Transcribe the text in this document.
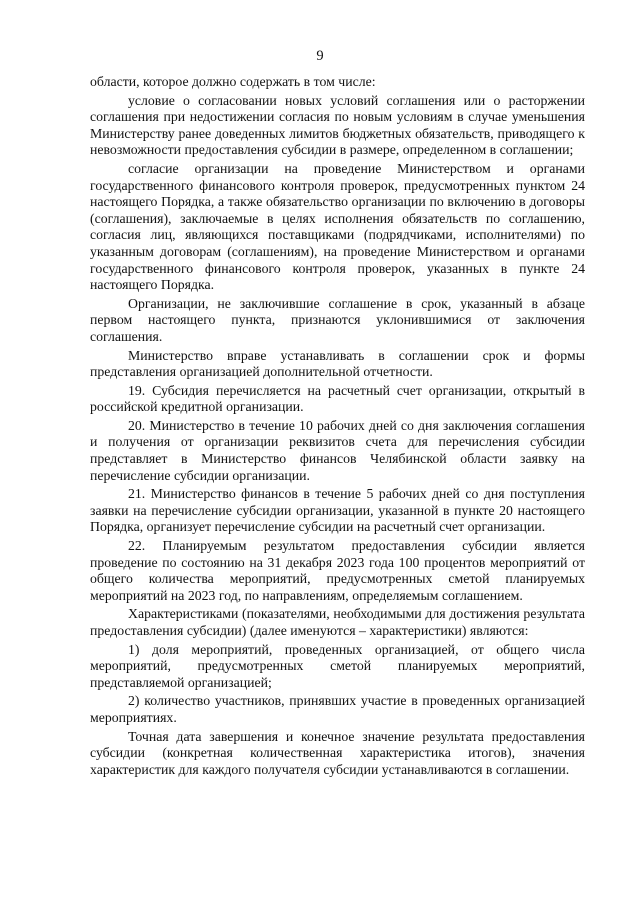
9

области, которое должно содержать в том числе:

условие о согласовании новых условий соглашения или о расторжении соглашения при недостижении согласия по новым условиям в случае уменьшения Министерству ранее доведенных лимитов бюджетных обязательств, приводящего к невозможности предоставления субсидии в размере, определенном в соглашении;

согласие организации на проведение Министерством и органами государственного финансового контроля проверок, предусмотренных пунктом 24 настоящего Порядка, а также обязательство организации по включению в договоры (соглашения), заключаемые в целях исполнения обязательств по соглашению, согласия лиц, являющихся поставщиками (подрядчиками, исполнителями) по указанным договорам (соглашениям), на проведение Министерством и органами государственного финансового контроля проверок, указанных в пункте 24 настоящего Порядка.

Организации, не заключившие соглашение в срок, указанный в абзаце первом настоящего пункта, признаются уклонившимися от заключения соглашения.

Министерство вправе устанавливать в соглашении срок и формы представления организацией дополнительной отчетности.

19. Субсидия перечисляется на расчетный счет организации, открытый в российской кредитной организации.

20. Министерство в течение 10 рабочих дней со дня заключения соглашения и получения от организации реквизитов счета для перечисления субсидии представляет в Министерство финансов Челябинской области заявку на перечисление субсидии организации.

21. Министерство финансов в течение 5 рабочих дней со дня поступления заявки на перечисление субсидии организации, указанной в пункте 20 настоящего Порядка, организует перечисление субсидии на расчетный счет организации.

22. Планируемым результатом предоставления субсидии является проведение по состоянию на 31 декабря 2023 года 100 процентов мероприятий от общего количества мероприятий, предусмотренных сметой планируемых мероприятий на 2023 год, по направлениям, определяемым соглашением.

Характеристиками (показателями, необходимыми для достижения результата предоставления субсидии) (далее именуются – характеристики) являются:

1) доля мероприятий, проведенных организацией, от общего числа мероприятий, предусмотренных сметой планируемых мероприятий, представляемой организацией;

2) количество участников, принявших участие в проведенных организацией мероприятиях.

Точная дата завершения и конечное значение результата предоставления субсидии (конкретная количественная характеристика итогов), значения характеристик для каждого получателя субсидии устанавливаются в соглашении.
